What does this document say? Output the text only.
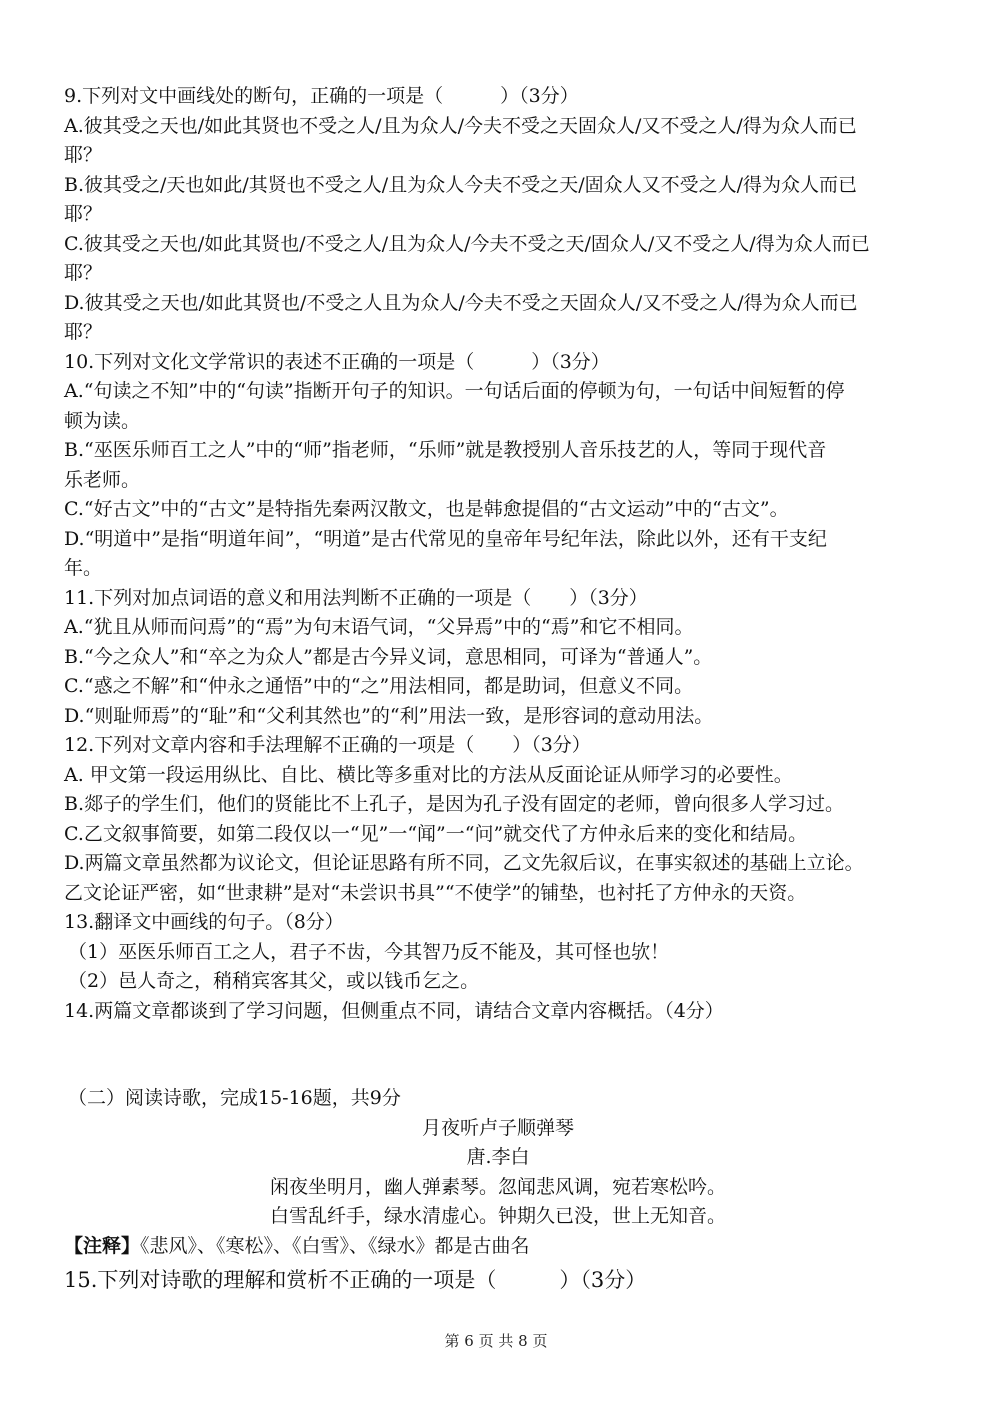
9.下列对文中画线处的断句，正确的一项是（　　　）（3分）
A.彼其受之天也/如此其贤也不受之人/且为众人/今夫不受之天固众人/又不受之人/得为众人而已
耶？
B.彼其受之/天也如此/其贤也不受之人/且为众人今夫不受之天/固众人又不受之人/得为众人而已
耶？
C.彼其受之天也/如此其贤也/不受之人/且为众人/今夫不受之天/固众人/又不受之人/得为众人而已
耶？
D.彼其受之天也/如此其贤也/不受之人且为众人/今夫不受之天固众人/又不受之人/得为众人而已
耶？
10.下列对文化文学常识的表述不正确的一项是（　　　）（3分）
A.“句读之不知”中的“句读”指断开句子的知识。一句话后面的停顿为句，一句话中间短暂的停
顿为读。
B.“巫医乐师百工之人”中的“师”指老师，“乐师”就是教授别人音乐技艺的人，等同于现代音
乐老师。
C.“好古文”中的“古文”是特指先秦两汉散文，也是韩愈提倡的“古文运动”中的“古文”。
D.“明道中”是指“明道年间”，“明道”是古代常见的皇帝年号纪年法，除此以外，还有干支纪
年。
11.下列对加点词语的意义和用法判断不正确的一项是（　　）（3分）
A.“犹且从师而问焉”的“焉”为句末语气词，“父异焉”中的“焉”和它不相同。
B.“今之众人”和“卒之为众人”都是古今异义词，意思相同，可译为“普通人”。
C.“惑之不解”和“仲永之通悟”中的“之”用法相同，都是助词，但意义不同。
D.“则耻师焉”的“耻”和“父利其然也”的“利”用法一致，是形容词的意动用法。
12.下列对文章内容和手法理解不正确的一项是（　　）（3分）
A. 甲文第一段运用纵比、自比、横比等多重对比的方法从反面论证从师学习的必要性。
B.郯子的学生们，他们的贤能比不上孔子，是因为孔子没有固定的老师，曾向很多人学习过。
C.乙文叙事简要，如第二段仅以一“见”一“闻”一“问”就交代了方仲永后来的变化和结局。
D.两篇文章虽然都为议论文，但论证思路有所不同，乙文先叙后议，在事实叙述的基础上立论。
乙文论证严密，如“世隶耕”是对“未尝识书具”“不使学”的铺垫，也衬托了方仲永的天资。
13.翻译文中画线的句子。（8分）
（1）巫医乐师百工之人，君子不齿，今其智乃反不能及，其可怪也欤！
（2）邑人奇之，稍稍宾客其父，或以钱币乞之。
14.两篇文章都谈到了学习问题，但侧重点不同，请结合文章内容概括。（4分）
（二）阅读诗歌，完成15-16题，共9分
月夜听卢子顺弹琴
唐.李白
闲夜坐明月，幽人弹素琴。忽闻悲风调，宛若寒松吟。
白雪乱纤手，绿水清虚心。钟期久已没，世上无知音。
【注释】《悲风》、《寒松》、《白雪》、《绿水》都是古曲名
15.下列对诗歌的理解和赏析不正确的一项是（　　　）（3分）
第 6 页 共 8 页
